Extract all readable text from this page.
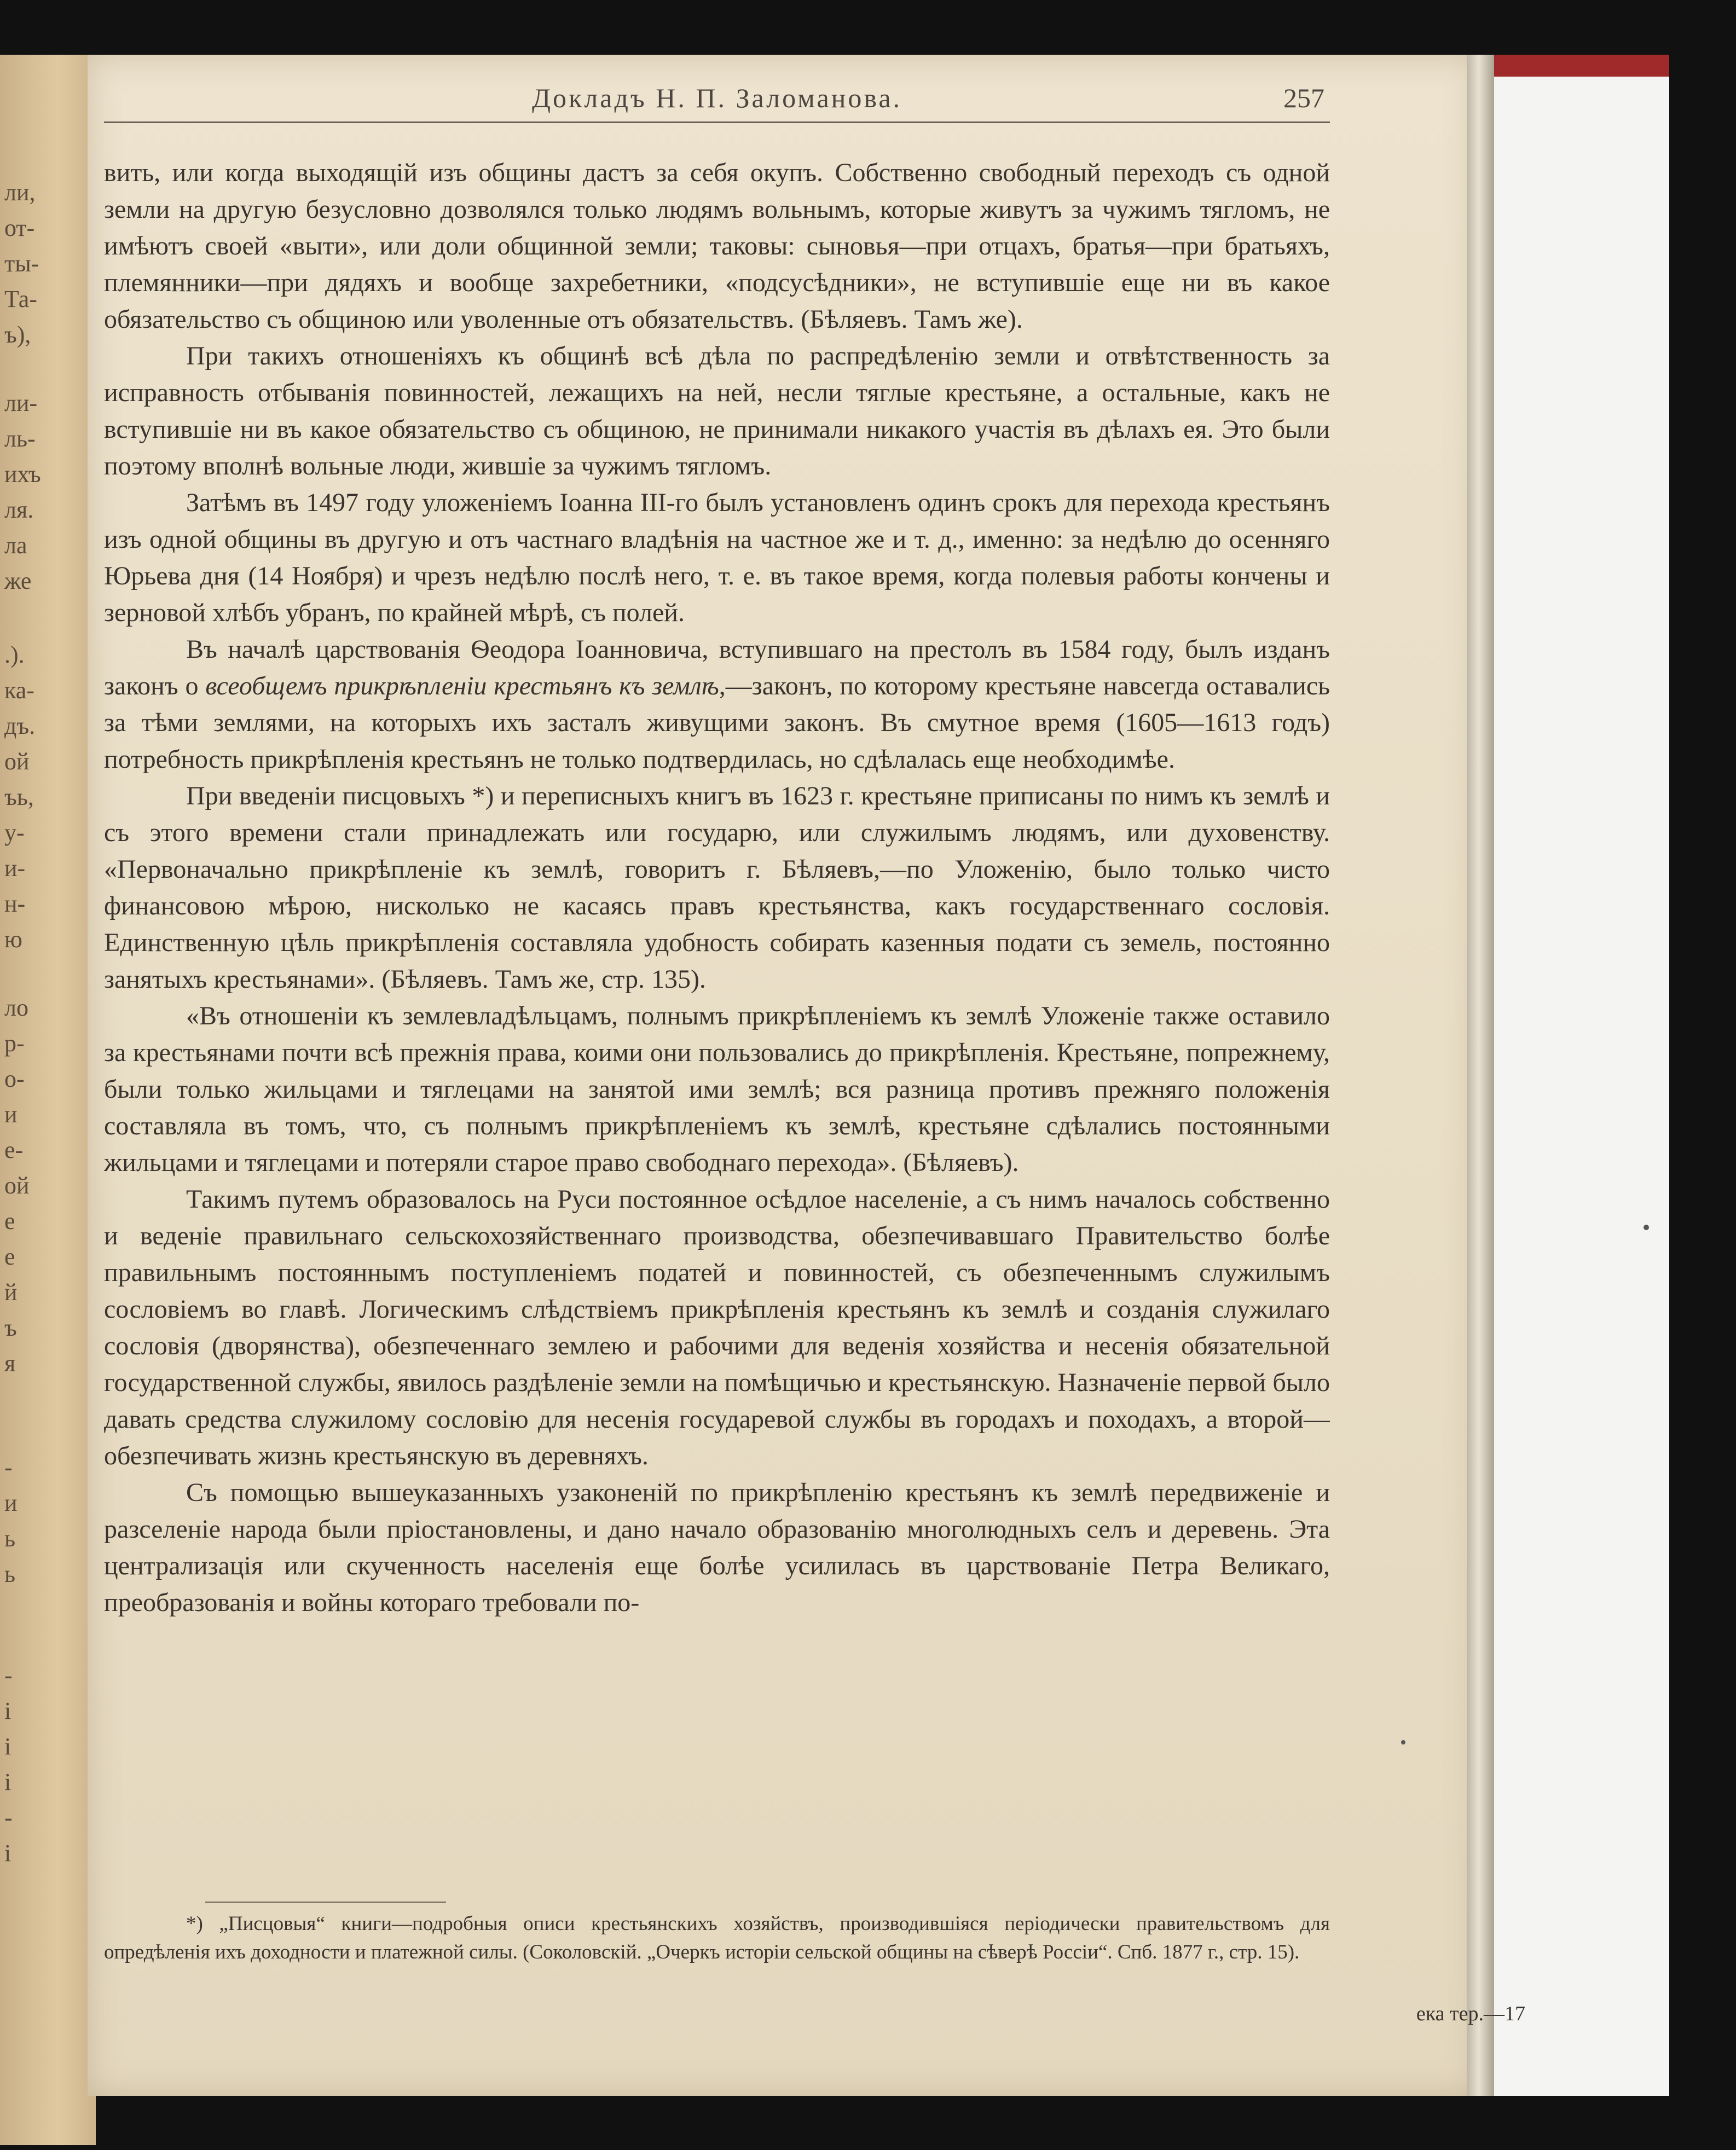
ли,
от-
ты-
Та-
ъ),
ли-
ль-
ихъ
ля.
ла
же
.).
ка-
дъ.
ой
ъь,
у-
и-
н-
ю
ло
р-
о-
и
е-
ой
е
е
й
ъ
я
-
и
ь
ь
-
і
і
і
-
і
Докладъ Н. П. Заломанова.	257

вить, или когда выходящій изъ общины дастъ за себя окупъ. Собственно свободный переходъ съ одной земли на другую безусловно дозволялся только людямъ вольнымъ, которые живутъ за чужимъ тягломъ, не имѣютъ своей «выти», или доли общинной земли; таковы: сыновья—при отцахъ, братья—при братьяхъ, племянники—при дядяхъ и вообще захребетники, «подсусѣдники», не вступившіе еще ни въ какое обязательство съ общиною или уволенные отъ обязательствъ. (Бѣляевъ. Тамъ же).

При такихъ отношеніяхъ къ общинѣ всѣ дѣла по распредѣленію земли и отвѣтственность за исправность отбыванія повинностей, лежащихъ на ней, несли тяглые крестьяне, а остальные, какъ не вступившіе ни въ какое обязательство съ общиною, не принимали никакого участія въ дѣлахъ ея. Это были поэтому вполнѣ вольные люди, жившіе за чужимъ тягломъ.

Затѣмъ въ 1497 году уложеніемъ Іоанна III-го былъ установленъ одинъ срокъ для перехода крестьянъ изъ одной общины въ другую и отъ частнаго владѣнія на частное же и т. д., именно: за недѣлю до осенняго Юрьева дня (14 Ноября) и чрезъ недѣлю послѣ него, т. е. въ такое время, когда полевыя работы кончены и зерновой хлѣбъ убранъ, по крайней мѣрѣ, съ полей.

Въ началѣ царствованія Ѳеодора Іоанновича, вступившаго на престолъ въ 1584 году, былъ изданъ законъ о всеобщемъ прикрѣпленіи крестьянъ къ землѣ,—законъ, по которому крестьяне навсегда оставались за тѣми землями, на которыхъ ихъ засталъ живущими законъ. Въ смутное время (1605—1613 годъ) потребность прикрѣпленія крестьянъ не только подтвердилась, но сдѣлалась еще необходимѣе.

При введеніи писцовыхъ *) и переписныхъ книгъ въ 1623 г. крестьяне приписаны по нимъ къ землѣ и съ этого времени стали принадлежать или государю, или служилымъ людямъ, или духовенству. «Первоначально прикрѣпленіе къ землѣ, говоритъ г. Бѣляевъ,—по Уложенію, было только чисто финансовою мѣрою, нисколько не касаясь правъ крестьянства, какъ государственнаго сословія. Единственную цѣль прикрѣпленія составляла удобность собирать казенныя подати съ земель, постоянно занятыхъ крестьянами». (Бѣляевъ. Тамъ же, стр. 135).

«Въ отношеніи къ землевладѣльцамъ, полнымъ прикрѣпленіемъ къ землѣ Уложеніе также оставило за крестьянами почти всѣ прежнія права, коими они пользовались до прикрѣпленія. Крестьяне, попрежнему, были только жильцами и тяглецами на занятой ими землѣ; вся разница противъ прежняго положенія составляла въ томъ, что, съ полнымъ прикрѣпленіемъ къ землѣ, крестьяне сдѣлались постоянными жильцами и тяглецами и потеряли старое право свободнаго перехода». (Бѣляевъ).

Такимъ путемъ образовалось на Руси постоянное осѣдлое населеніе, а съ нимъ началось собственно и веденіе правильнаго сельскохозяйственнаго производства, обезпечивавшаго Правительство болѣе правильнымъ постояннымъ поступленіемъ податей и повинностей, съ обезпеченнымъ служилымъ сословіемъ во главѣ. Логическимъ слѣдствіемъ прикрѣпленія крестьянъ къ землѣ и созданія служилаго сословія (дворянства), обезпеченнаго землею и рабочими для веденія хозяйства и несенія обязательной государственной службы, явилось раздѣленіе земли на помѣщичью и крестьянскую. Назначеніе первой было давать средства служилому сословію для несенія государевой службы въ городахъ и походахъ, а второй—обезпечивать жизнь крестьянскую въ деревняхъ.

Съ помощью вышеуказанныхъ узаконеній по прикрѣпленію крестьянъ къ землѣ передвиженіе и разселеніе народа были пріостановлены, и дано начало образованію многолюдныхъ селъ и деревень. Эта централизація или скученность населенія еще болѣе усилилась въ царствованіе Петра Великаго, преобразованія и войны котораго требовали по-

*) „Писцовыя“ книги—подробныя описи крестьянскихъ хозяйствъ, производившіяся періодически правительствомъ для опредѣленія ихъ доходности и платежной силы. (Соколовскій. „Очеркъ исторіи сельской общины на сѣверѣ Россіи“. Спб. 1877 г., стр. 15).

ека тер.—17
